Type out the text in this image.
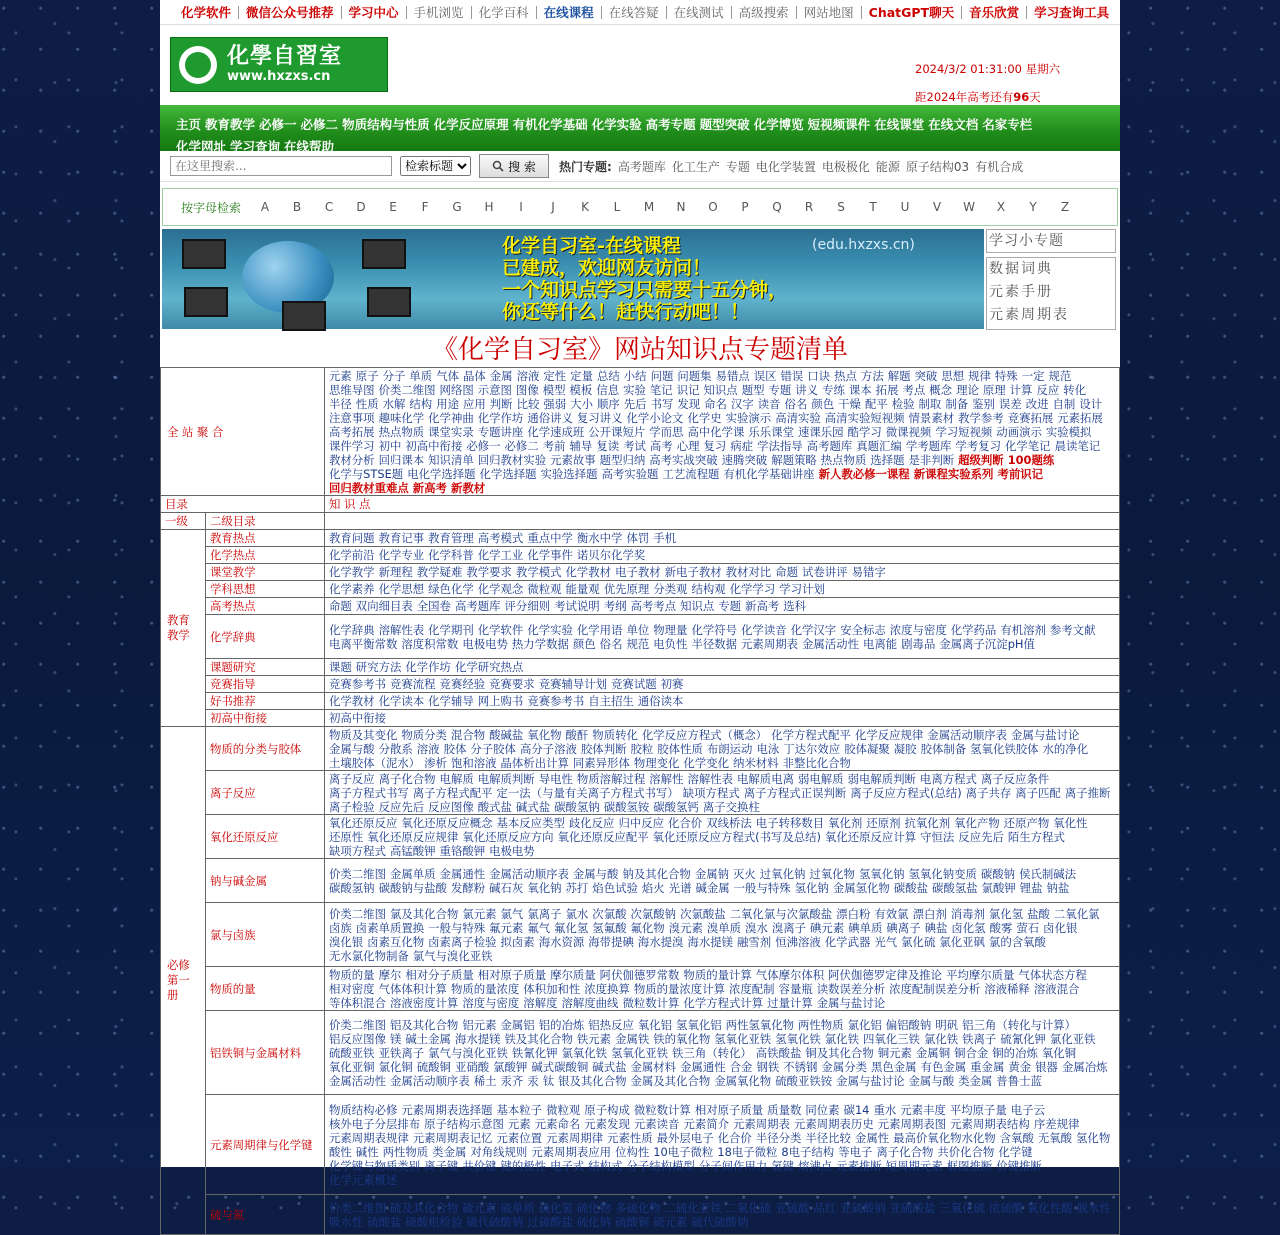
化学软件	微信公众号推荐	学习中心	手机浏览	化学百科	在线课程	在线答疑	在线测试	高级搜索	网站地图	ChatGPT聊天	音乐欣赏	学习查询工具
化學自習室
www.hxzxs.cn	2024/3/2 01:31:00 星期六
距2024年高考还有96天
主页 教育教学 必修一 必修二 物质结构与性质 化学反应原理 有机化学基础 化学实验 高考专题 题型突破 化学博览 短视频课件 在线课堂 在线文档 名家专栏
化学网址 学习查询 在线帮助
在这里搜索...
检索标题
搜 索 热门专题: 高考题库 化工生产 专题 电化学装置 电极极化 能源 原子结构03 有机合成
按字母检索	A	B	C	D	E	F	G	H	I	J	K	L	M	N	O	P	Q	R	S	T	U	V	W	X	Y	Z
化学自习室-在线课程
已建成，欢迎网友访问！
一个知识点学习只需要十五分钟，
你还等什么！赶快行动吧！！
(edu.hxzxs.cn)	学习小专题
数据词典
元素手册
元素周期表
《化学自习室》网站知识点专题清单
全 站 聚 合		元素 原子 分子 单质 气体 晶体 金属 溶液 定性 定量 总结 小结 问题 问题集 易错点 误区 错误 口诀 热点 方法 解题 突破 思想 规律 特殊 一定 规范思维导图 价类二维图 网络图 示意图 图像 模型 模板 信息 实验 笔记 识记 知识点 题型 专题 讲义 专练 课本 拓展 考点 概念 理论 原理 计算 反应 转化半径 性质 水解 结构 用途 应用 判断 比较 强弱 大小 顺序 先后 书写 发现 命名 汉字 读音 俗名 颜色 干燥 配平 检验 制取 制备 鉴别 误差 改进 自制 设计注意事项 趣味化学 化学神曲 化学作坊 通俗讲义 复习讲义 化学小论文 化学史 实验演示 高清实验 高清实验短视频 情景素材 教学参考 竞赛拓展 元素拓展高考拓展 热点物质 课堂实录 专题讲座 化学速成班 公开课短片 学而思 高中化学课 乐乐课堂 速课乐园 酷学习 微课视频 学习短视频 动画演示 实验模拟课件学习 初中 初高中衔接 必修一 必修二 考前 辅导 复读 考试 高考 心理 复习 病症 学法指导 高考题库 真题汇编 学考题库 学考复习 化学笔记 晨读笔记教材分析 回归课本 知识清单 回归教材实验 元素故事 题型归纳 高考实战突破 速腾突破 解题策略 热点物质 选择题 是非判断 超级判断 100题练化学与STSE题 电化学选择题 化学选择题 实验选择题 高考实验题 工艺流程题 有机化学基础讲座 新人教必修一课程 新课程实验系列 考前识记回归教材重难点 新高考 新教材
目录		知 识 点
一级	二级目录	
教育教学	教育热点	教育问题 教育记事 教育管理 高考模式 重点中学 衡水中学 体罚 手机
	化学热点	化学前沿 化学专业 化学科普 化学工业 化学事件 诺贝尔化学奖
	课堂教学	化学教学 新理程 教学疑难 教学要求 教学模式 化学教材 电子教材 新电子教材 教材对比 命题 试卷讲评 易错字
	学科思想	化学素养 化学思想 绿色化学 化学观念 微粒观 能量观 优先原理 分类观 结构观 化学学习 学习计划
	高考热点	命题 双向细目表 全国卷 高考题库 评分细则 考试说明 考纲 高考考点 知识点 专题 新高考 选科
	化学辞典	化学辞典 溶解性表 化学期刊 化学软件 化学实验 化学用语 单位 物理量 化学符号 化学读音 化学汉字 安全标志 浓度与密度 化学药品 有机溶剂 参考文献电离平衡常数 溶度积常数 电极电势 热力学数据 颜色 俗名 规范 电负性 半径数据 元素周期表 金属活动性 电离能 剧毒品 金属离子沉淀pH值
	课题研究	课题 研究方法 化学作坊 化学研究热点
	竞赛指导	竞赛参考书 竞赛流程 竞赛经验 竞赛要求 竞赛辅导计划 竞赛试题 初赛
	好书推荐	化学教材 化学读本 化学辅导 网上购书 竞赛参考书 自主招生 通俗读本
	初高中衔接	初高中衔接
必修第一册	物质的分类与胶体	物质及其变化 物质分类 混合物 酸碱盐 氧化物 酸酐 物质转化 化学反应方程式（概念） 化学方程式配平 化学反应规律 金属活动顺序表 金属与盐讨论金属与酸 分散系 溶液 胶体 分子胶体 高分子溶液 胶体判断 胶粒 胶体性质 布朗运动 电泳 丁达尔效应 胶体凝聚 凝胶 胶体制备 氢氧化铁胶体 水的净化土壤胶体（泥水） 渗析 饱和溶液 晶体析出计算 同素异形体 物理变化 化学变化 纳米材料 非整比化合物
	离子反应	离子反应 离子化合物 电解质 电解质判断 导电性 物质溶解过程 溶解性 溶解性表 电解质电离 弱电解质 弱电解质判断 电离方程式 离子反应条件离子方程式书写 离子方程式配平 定一法（与量有关离子方程式书写） 缺项方程式 离子方程式正误判断 离子反应方程式(总结) 离子共存 离子匹配 离子推断离子检验 反应先后 反应图像 酸式盐 碱式盐 碳酸氢钠 碳酸氢铵 碳酸氢钙 离子交换柱
	氧化还原反应	氧化还原反应 氧化还原反应概念 基本反应类型 歧化反应 归中反应 化合价 双线桥法 电子转移数目 氧化剂 还原剂 抗氧化剂 氧化产物 还原产物 氧化性还原性 氧化还原反应规律 氧化还原反应方向 氧化还原反应配平 氧化还原反应方程式(书写及总结) 氧化还原反应计算 守恒法 反应先后 陌生方程式缺项方程式 高锰酸钾 重铬酸钾 电极电势
	钠与碱金属	价类二维图 金属单质 金属通性 金属活动顺序表 金属与酸 钠及其化合物 金属钠 灭火 过氧化钠 过氧化物 氢氧化钠 氢氧化钠变质 碳酸钠 侯氏制碱法碳酸氢钠 碳酸钠与盐酸 发酵粉 碱石灰 氧化钠 苏打 焰色试验 焰火 光谱 碱金属 一般与特殊 氢化钠 金属氢化物 碳酸盐 碳酸氢盐 氯酸钾 锂盐 钠盐
	氯与卤族	价类二维图 氯及其化合物 氯元素 氯气 氯离子 氯水 次氯酸 次氯酸钠 次氯酸盐 二氧化氯与次氯酸盐 漂白粉 有效氯 漂白剂 消毒剂 氯化氢 盐酸 二氧化氯卤族 卤素单质置换 一般与特殊 氟元素 氟气 氟化氢 氢氟酸 氟化物 溴元素 溴单质 溴水 溴离子 碘元素 碘单质 碘离子 碘盐 卤化氢 酸雾 萤石 卤化银溴化银 卤素互化物 卤素离子检验 拟卤素 海水资源 海带提碘 海水提溴 海水提镁 融雪剂 恒沸溶液 化学武器 光气 氯化硫 氯化亚砜 氯的含氧酸无水氯化物制备 氯气与溴化亚铁
	物质的量	物质的量 摩尔 相对分子质量 相对原子质量 摩尔质量 阿伏伽德罗常数 物质的量计算 气体摩尔体积 阿伏伽德罗定律及推论 平均摩尔质量 气体状态方程相对密度 气体体积计算 物质的量浓度 体积加和性 浓度换算 物质的量浓度计算 浓度配制 容量瓶 读数误差分析 浓度配制误差分析 溶液稀释 溶液混合等体积混合 溶液密度计算 溶度与密度 溶解度 溶解度曲线 微粒数计算 化学方程式计算 过量计算 金属与盐讨论
	铝铁铜与金属材料	价类二维图 铝及其化合物 铝元素 金属铝 铝的冶炼 铝热反应 氧化铝 氢氧化铝 两性氢氧化物 两性物质 氯化铝 偏铝酸钠 明矾 铝三角（转化与计算）铝反应图像 镁 碱土金属 海水提镁 铁及其化合物 铁元素 金属铁 铁的氧化物 氢氧化亚铁 氢氧化铁 氯化铁 四氧化三铁 氯化铁 铁离子 硫氰化钾 氯化亚铁硫酸亚铁 亚铁离子 氯气与溴化亚铁 铁氰化钾 氯氧化铁 氢氧化亚铁 铁三角（转化） 高铁酸盐 铜及其化合物 铜元素 金属铜 铜合金 铜的冶炼 氧化铜氧化亚铜 氯化铜 硫酸铜 亚硝酸 氯酸钾 碱式碳酸铜 碱式盐 金属材料 金属通性 合金 钢铁 不锈钢 金属分类 黑色金属 有色金属 重金属 黄金 银器 金属冶炼金属活动性 金属活动顺序表 稀土 汞齐 汞 钛 银及其化合物 金属及其化合物 金属氧化物 硫酸亚铁铵 金属与盐讨论 金属与酸 类金属 普鲁士蓝
	元素周期律与化学键	物质结构必修 元素周期表选择题 基本粒子 微粒观 原子构成 微粒数计算 相对原子质量 质量数 同位素 碳14 重水 元素丰度 平均原子量 电子云核外电子分层排布 原子结构示意图 元素 元素命名 元素发现 元素读音 元素简介 元素周期表 元素周期表历史 元素周期表图 元素周期表结构 序差规律元素周期表规律 元素周期表记忆 元素位置 元素周期律 元素性质 最外层电子 化合价 半径分类 半径比较 金属性 最高价氧化物水化物 含氧酸 无氧酸 氢化物酸性 碱性 两性物质 类金属 对角线规则 元素周期表应用 位构性 10电子微粒 18电子微粒 8电子结构 等电子 离子化合物 共价化合物 化学键化学键与物质类别 离子键 共价键 键的极性 电子式 结构式 分子结构模型 分子间作用力 氢键 熔沸点 元素推断 短周期元素 框图推断 价键推断化学元素概述
	硫与氮	价类二维图 硫及其化合物 硫元素 硫单质 硫化氢 硫化物 多硫化物 二硫化亚铁 二氧化硫 亚硫酸 品红 亚硫酸钠 亚硫酸盐 三氧化硫 浓硫酸 氧化性酸 脱水性吸水性 硫酸盐 硫酸根检验 硫代硫酸钠 过硫酸盐 硫化钠 硫酸铜 硫元素 硫代硫酸钠
